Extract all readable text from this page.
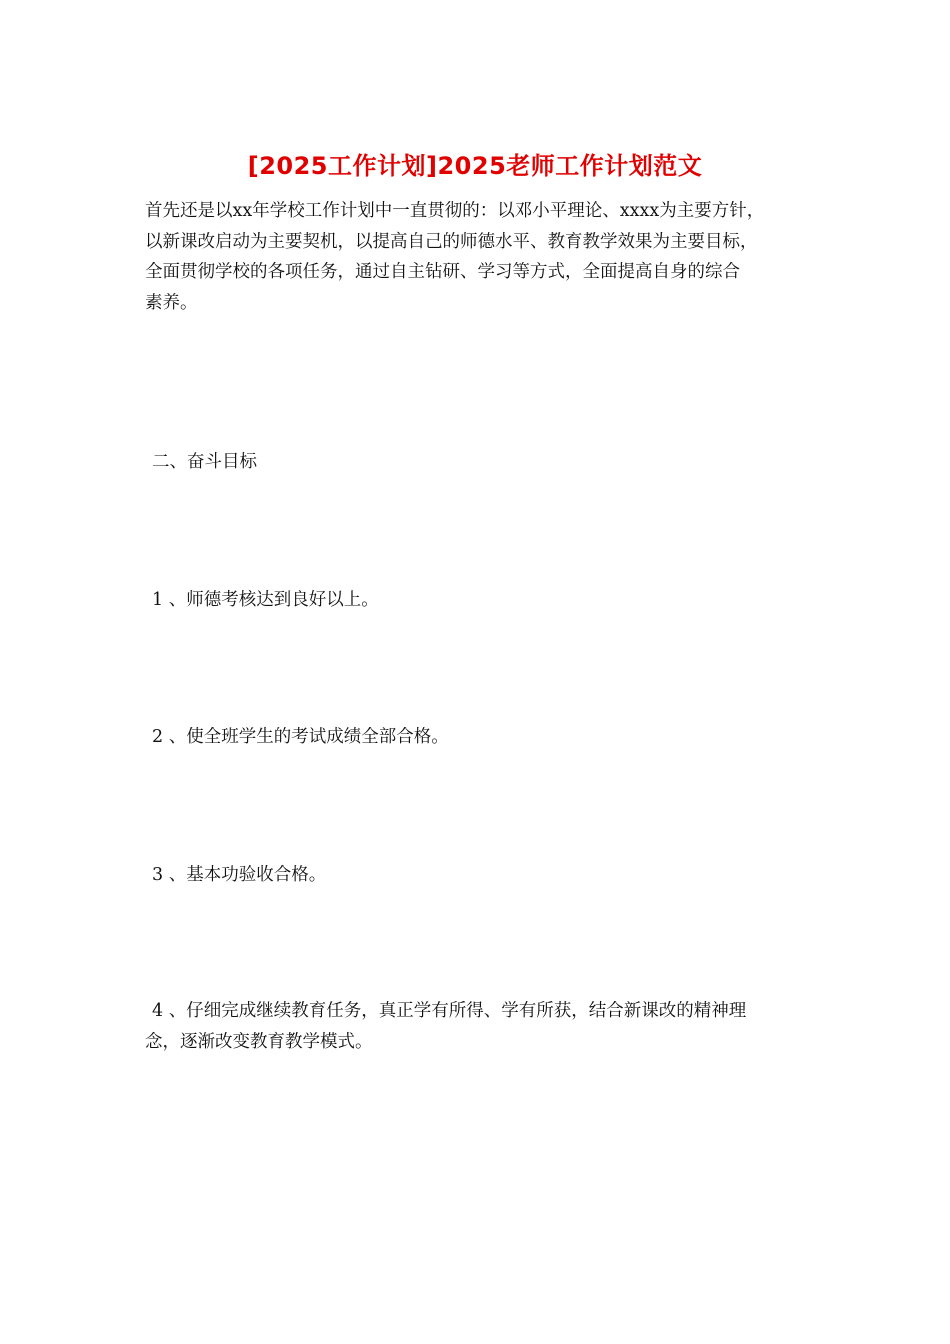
[2025工作计划]2025老师工作计划范文
首先还是以xx年学校工作计划中一直贯彻的：以邓小平理论、xxxx为主要方针，
以新课改启动为主要契机，以提高自己的师德水平、教育教学效果为主要目标，
全面贯彻学校的各项任务，通过自主钻研、学习等方式，全面提高自身的综合
素养。
二、奋斗目标
1 、师德考核达到良好以上。
2 、使全班学生的考试成绩全部合格。
3 、基本功验收合格。
4 、仔细完成继续教育任务，真正学有所得、学有所获，结合新课改的精神理
念，逐渐改变教育教学模式。
